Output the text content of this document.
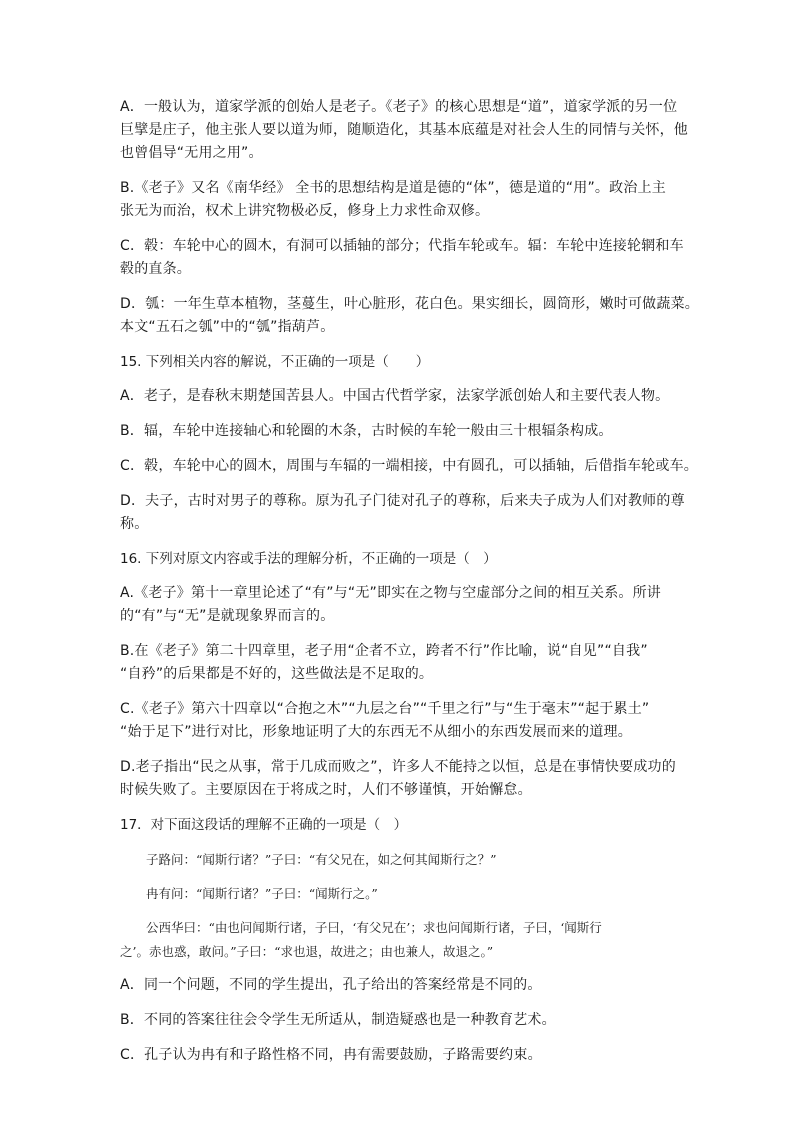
A．一般认为，道家学派的创始人是老子。《老子》的核心思想是“道”，道家学派的另一位
巨擘是庄子，他主张人要以道为师，随顺造化，其基本底蕴是对社会人生的同情与关怀，他
也曾倡导“无用之用”。
B.《老子》又名《南华经》 全书的思想结构是道是德的“体”，德是道的“用”。政治上主
张无为而治，权术上讲究物极必反，修身上力求性命双修。
C．毂：车轮中心的圆木，有洞可以插轴的部分；代指车轮或车。辐：车轮中连接轮辋和车
毂的直条。
D．瓠：一年生草本植物，茎蔓生，叶心脏形，花白色。果实细长，圆筒形，嫩时可做蔬菜。
本文“五石之瓠”中的“瓠”指葫芦。
15. 下列相关内容的解说，不正确的一项是（　　）
A．老子，是春秋末期楚国苦县人。中国古代哲学家，法家学派创始人和主要代表人物。
B．辐，车轮中连接轴心和轮圈的木条，古时候的车轮一般由三十根辐条构成。
C．毂，车轮中心的圆木，周围与车辐的一端相接，中有圆孔，可以插轴，后借指车轮或车。
D．夫子，古时对男子的尊称。原为孔子门徒对孔子的尊称，后来夫子成为人们对教师的尊
称。
16. 下列对原文内容或手法的理解分析，不正确的一项是（　）
A.《老子》第十一章里论述了“有”与“无”即实在之物与空虚部分之间的相互关系。所讲
的“有”与“无”是就现象界而言的。
B.在《老子》第二十四章里，老子用“企者不立，跨者不行”作比喻，说“自见”“自我”
“自矜”的后果都是不好的，这些做法是不足取的。
C.《老子》第六十四章以“合抱之木”“九层之台”“千里之行”与“生于毫末”“起于累土”
“始于足下”进行对比，形象地证明了大的东西无不从细小的东西发展而来的道理。
D.老子指出“民之从事，常于几成而败之”，许多人不能持之以恒，总是在事情快要成功的
时候失败了。主要原因在于将成之时，人们不够谨慎，开始懈怠。
17．对下面这段话的理解不正确的一项是（　）
子路问：“闻斯行诸？”子曰：“有父兄在，如之何其闻斯行之？”
冉有问：“闻斯行诸？”子曰：“闻斯行之。”
公西华曰：“由也问闻斯行诸，子曰，‘有父兄在’；求也问闻斯行诸，子曰，‘闻斯行
之’。赤也惑，敢问。”子曰：“求也退，故进之；由也兼人，故退之。”
A．同一个问题，不同的学生提出，孔子给出的答案经常是不同的。
B．不同的答案往往会令学生无所适从，制造疑惑也是一种教育艺术。
C．孔子认为冉有和子路性格不同，冉有需要鼓励，子路需要约束。
